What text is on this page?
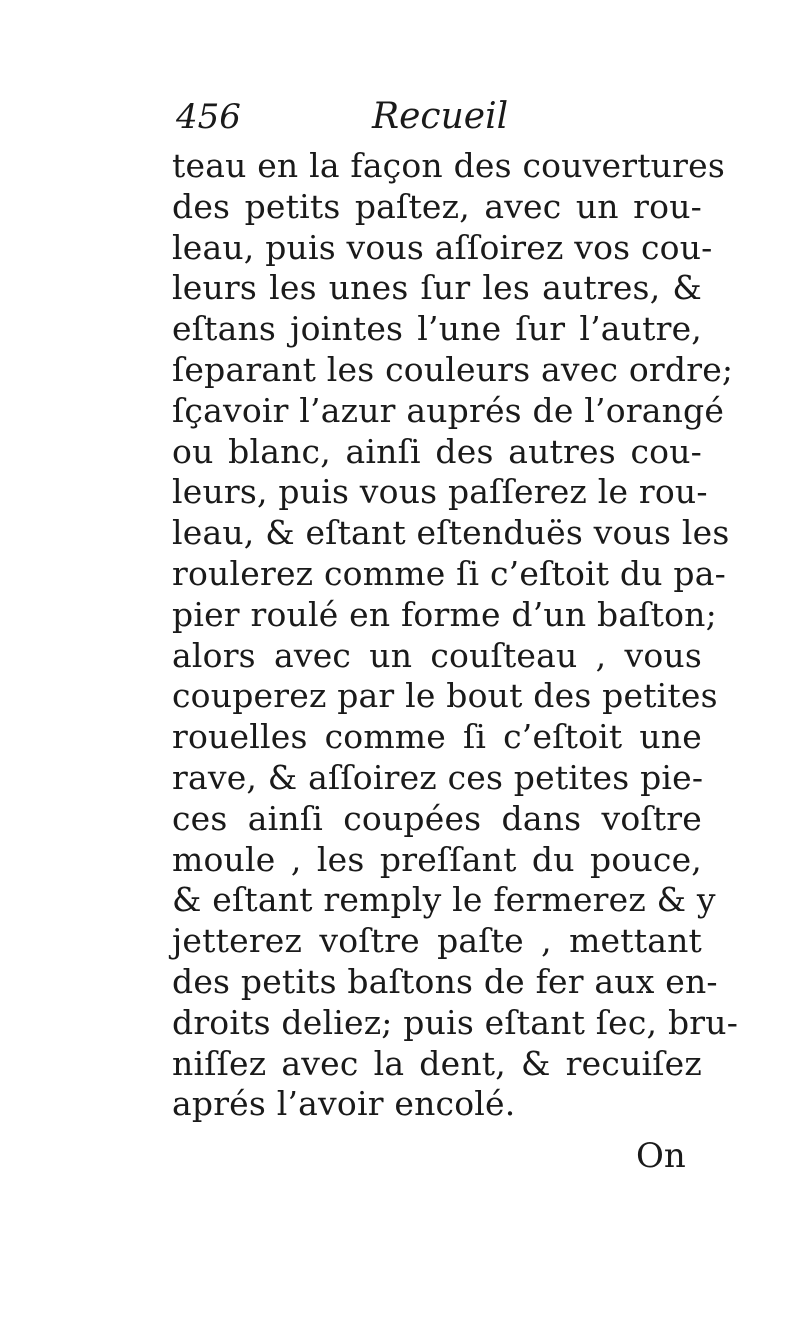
456	Recueil
teau en la façon des couvertures
des petits paſtez, avec un rou-
leau, puis vous aſſoirez vos cou-
leurs les unes ſur les autres, &
eſtans jointes l’une ſur l’autre,
ſeparant les couleurs avec ordre;
ſçavoir l’azur auprés de l’orangé
ou blanc, ainſi des autres cou-
leurs, puis vous paſſerez le rou-
leau, & eſtant eſtenduës vous les
roulerez comme ſi c’eſtoit du pa-
pier roulé en forme d’un baſton;
alors avec un couſteau , vous
couperez par le bout des petites
rouelles comme ſi c’eſtoit une
rave, & aſſoirez ces petites pie-
ces ainſi coupées dans voſtre
moule , les preſſant du pouce,
& eſtant remply le fermerez & y
jetterez voſtre paſte , mettant
des petits baſtons de fer aux en-
droits deliez; puis eſtant ſec, bru-
niſſez avec la dent, & recuiſez
aprés l’avoir encolé.
On
